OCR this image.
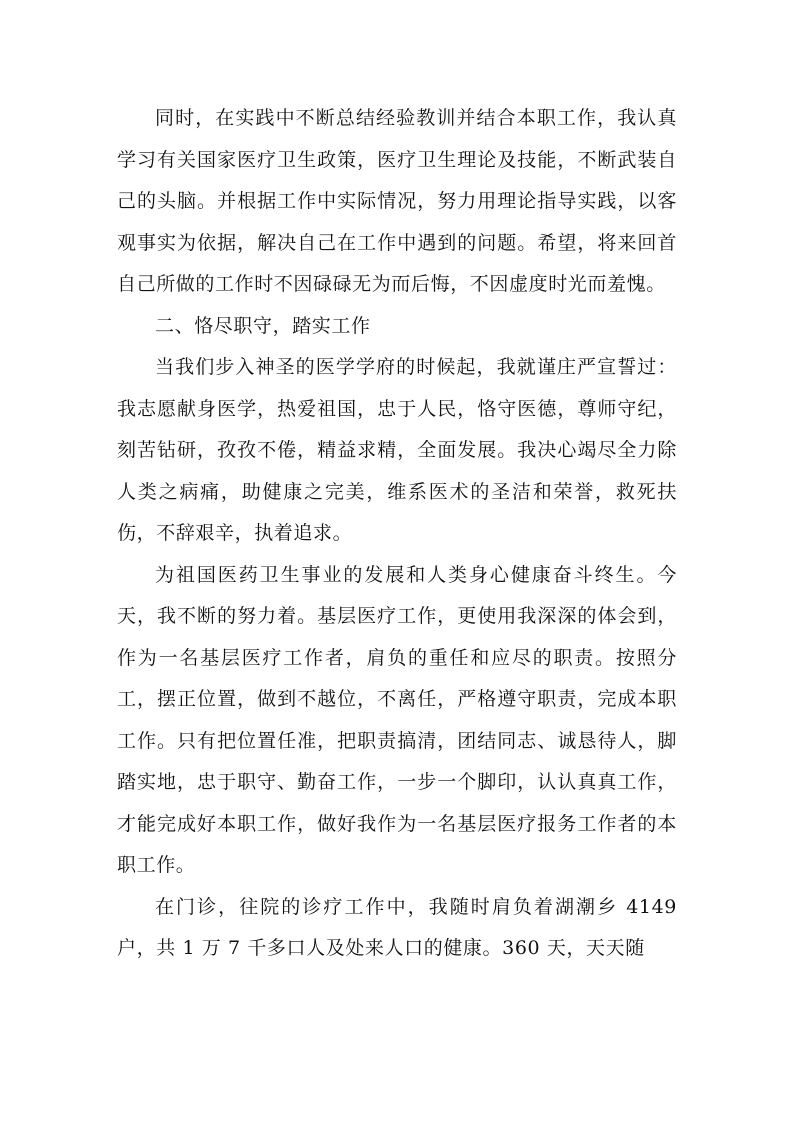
同时，在实践中不断总结经验教训并结合本职工作，我认真学习有关国家医疗卫生政策，医疗卫生理论及技能，不断武装自己的头脑。并根据工作中实际情况，努力用理论指导实践，以客观事实为依据，解决自己在工作中遇到的问题。希望，将来回首自己所做的工作时不因碌碌无为而后悔，不因虚度时光而羞愧。

二、恪尽职守，踏实工作

当我们步入神圣的医学学府的时候起，我就谨庄严宣誓过：我志愿献身医学，热爱祖国，忠于人民，恪守医德，尊师守纪，刻苦钻研，孜孜不倦，精益求精，全面发展。我决心竭尽全力除人类之病痛，助健康之完美，维系医术的圣洁和荣誉，救死扶伤，不辞艰辛，执着追求。

为祖国医药卫生事业的发展和人类身心健康奋斗终生。今天，我不断的努力着。基层医疗工作，更使用我深深的体会到，作为一名基层医疗工作者，肩负的重任和应尽的职责。按照分工，摆正位置，做到不越位，不离任，严格遵守职责，完成本职工作。只有把位置任准，把职责搞清，团结同志、诚恳待人，脚踏实地，忠于职守、勤奋工作，一步一个脚印，认认真真工作，才能完成好本职工作，做好我作为一名基层医疗报务工作者的本职工作。

在门诊，往院的诊疗工作中，我随时肩负着湖潮乡 4149户，共 1 万 7 千多口人及处来人口的健康。360 天，天天随
